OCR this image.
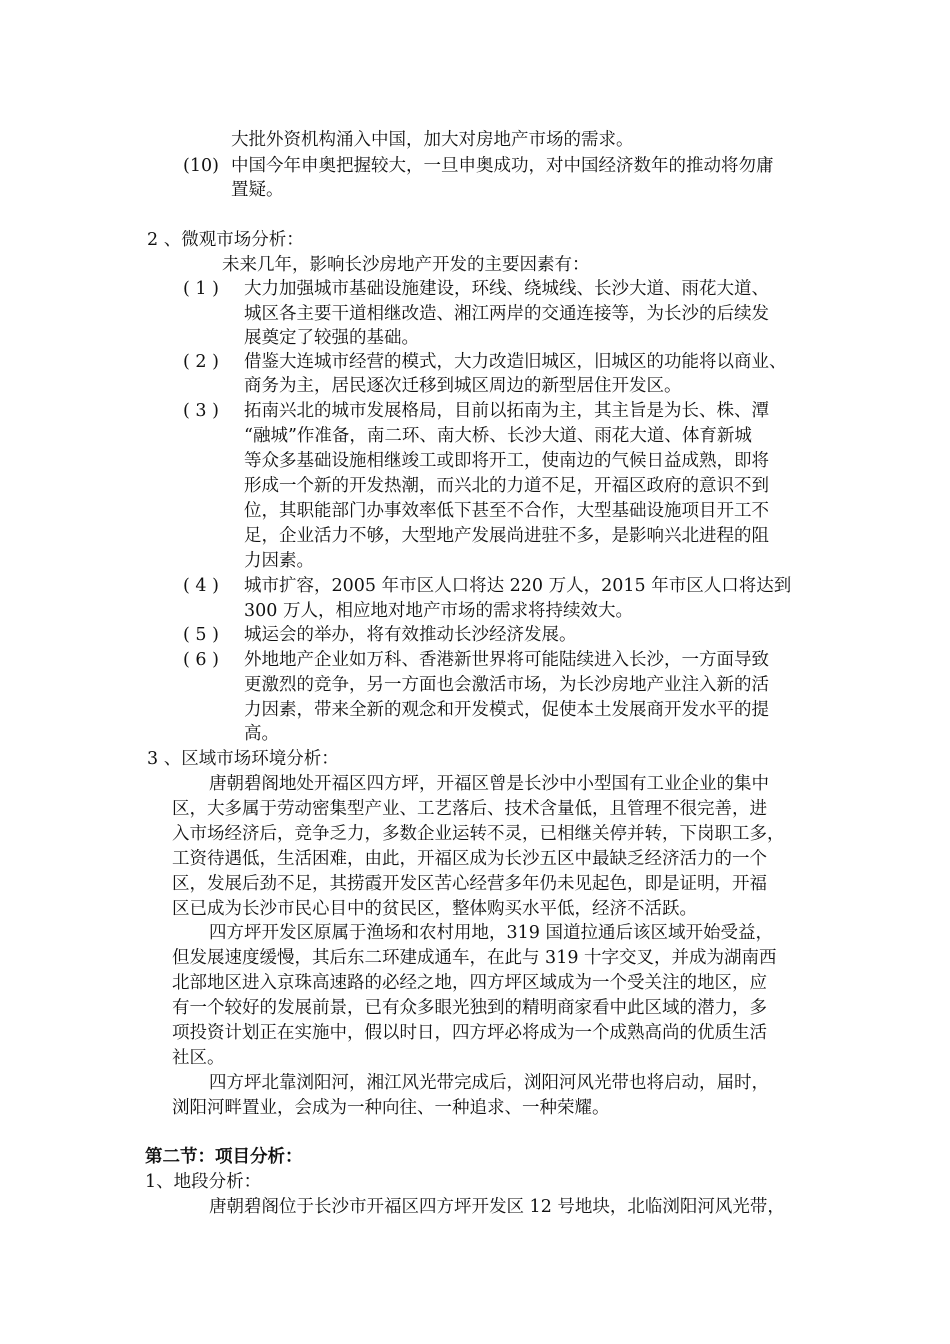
大批外资机构涌入中国，加大对房地产市场的需求。
(10) 中国今年申奥把握较大，一旦申奥成功，对中国经济数年的推动将勿庸
置疑。
2 、微观市场分析：
未来几年，影响长沙房地产开发的主要因素有：
( 1 ) 大力加强城市基础设施建设，环线、绕城线、长沙大道、雨花大道、
城区各主要干道相继改造、湘江两岸的交通连接等，为长沙的后续发
展奠定了较强的基础。
( 2 ) 借鉴大连城市经营的模式，大力改造旧城区，旧城区的功能将以商业、
商务为主，居民逐次迁移到城区周边的新型居住开发区。
( 3 ) 拓南兴北的城市发展格局，目前以拓南为主，其主旨是为长、株、潭
“融城”作准备，南二环、南大桥、长沙大道、雨花大道、体育新城
等众多基础设施相继竣工或即将开工，使南边的气候日益成熟，即将
形成一个新的开发热潮，而兴北的力道不足，开福区政府的意识不到
位，其职能部门办事效率低下甚至不合作，大型基础设施项目开工不
足，企业活力不够，大型地产发展尚进驻不多，是影响兴北进程的阻
力因素。
( 4 ) 城市扩容，2005 年市区人口将达 220 万人，2015 年市区人口将达到
300 万人，相应地对地产市场的需求将持续效大。
( 5 ) 城运会的举办，将有效推动长沙经济发展。
( 6 ) 外地地产企业如万科、香港新世界将可能陆续进入长沙，一方面导致
更激烈的竞争，另一方面也会激活市场，为长沙房地产业注入新的活
力因素，带来全新的观念和开发模式，促使本土发展商开发水平的提
高。
3 、区域市场环境分析：
唐朝碧阁地处开福区四方坪，开福区曾是长沙中小型国有工业企业的集中
区，大多属于劳动密集型产业、工艺落后、技术含量低，且管理不很完善，进
入市场经济后，竞争乏力，多数企业运转不灵，已相继关停并转，下岗职工多，
工资待遇低，生活困难，由此，开福区成为长沙五区中最缺乏经济活力的一个
区，发展后劲不足，其捞霞开发区苦心经营多年仍未见起色，即是证明，开福
区已成为长沙市民心目中的贫民区，整体购买水平低，经济不活跃。
四方坪开发区原属于渔场和农村用地，319 国道拉通后该区域开始受益，
但发展速度缓慢，其后东二环建成通车，在此与 319 十字交叉，并成为湖南西
北部地区进入京珠高速路的必经之地，四方坪区域成为一个受关注的地区，应
有一个较好的发展前景，已有众多眼光独到的精明商家看中此区域的潜力，多
项投资计划正在实施中，假以时日，四方坪必将成为一个成熟高尚的优质生活
社区。
四方坪北靠浏阳河，湘江风光带完成后，浏阳河风光带也将启动，届时，
浏阳河畔置业，会成为一种向往、一种追求、一种荣耀。
第二节：项目分析：
1、地段分析：
唐朝碧阁位于长沙市开福区四方坪开发区 12 号地块，北临浏阳河风光带，
